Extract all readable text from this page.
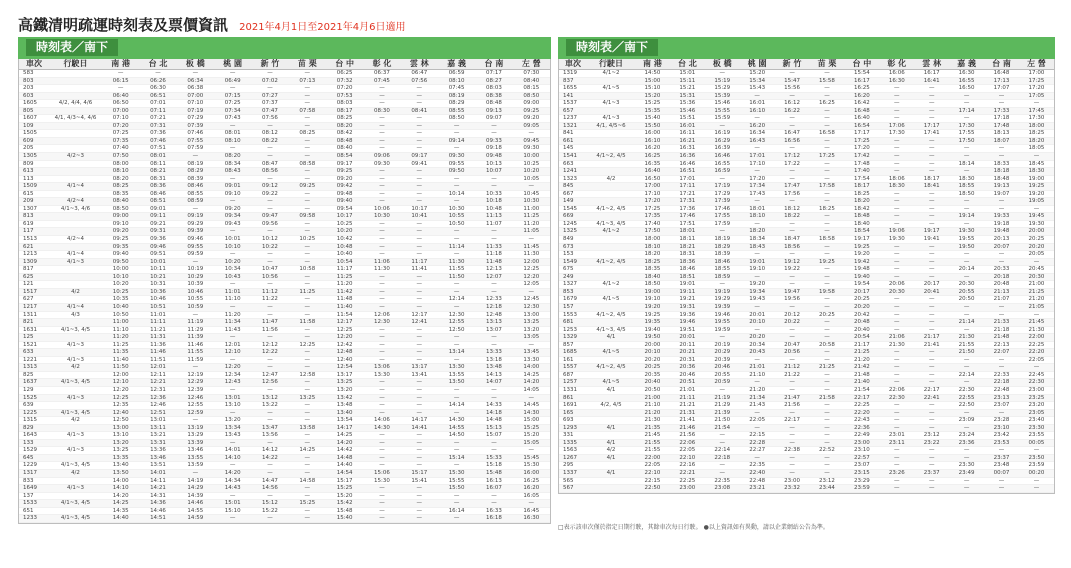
高鐵清明疏運時刻表及票價資訊 2021年4月1日至2021年4月6日適用
時刻表／南下
車次	行駛日	南 港	台 北	板 橋	桃 園	新 竹	苗 栗	台 中	彰 化	雲 林	嘉 義	台 南	左 營
583		—	—	—	—	—	—	06:25	06:37	06:47	06:59	07:17	07:30
803		06:15	06:26	06:34	06:49	07:02	07:13	07:32	07:45	07:56	08:10	08:27	08:40
203		—	06:30	06:38	—	—	—	07:20	—	—	07:45	08:03	08:15
603		06:40	06:51	07:00	07:15	07:27	—	07:53	—	—	08:19	08:38	08:50
1605	4/2, 4/4, 4/6	06:50	07:01	07:10	07:25	07:37	—	08:03	—	—	08:29	08:48	09:00
805		07:00	07:11	07:19	07:34	07:47	07:58	08:17	08:30	08:41	08:55	09:13	09:25
1607	4/1, 4/3~4, 4/6	07:10	07:21	07:29	07:43	07:56	—	08:25	—	—	08:50	09:07	09:20
109		07:20	07:31	07:39	—	—	—	08:20	—	—	—	—	09:05
1505		07:25	07:36	07:46	08:01	08:12	08:25	08:42	—	—	—	—	—
609		07:35	07:46	07:55	08:10	08:22	—	08:48	—	—	09:14	09:33	09:45
205		07:40	07:51	07:59	—	—	—	08:40	—	—	—	09:18	09:30
1305	4/2~3	07:50	08:01	—	08:20	—	—	08:54	09:06	09:17	09:30	09:48	10:00
809		08:00	08:11	08:19	08:34	08:47	08:58	09:17	09:30	09:41	09:55	10:13	10:25
613		08:10	08:21	08:29	08:43	08:56	—	09:25	—	—	09:50	10:07	10:20
113		08:20	08:31	08:39	—	—	—	09:20	—	—	—	—	10:05
1509	4/1~4	08:25	08:36	08:46	09:01	09:12	09:25	09:42	—	—	—	—	—
615		08:35	08:46	08:55	09:10	09:22	—	09:48	—	—	10:14	10:33	10:45
209	4/2~4	08:40	08:51	08:59	—	—	—	09:40	—	—	—	10:18	10:30
1307	4/1~3, 4/6	08:50	09:01	—	09:20	—	—	09:54	10:06	10:17	10:30	10:48	11:00
813		09:00	09:11	09:19	09:34	09:47	09:58	10:17	10:30	10:41	10:55	11:13	11:25
619		09:10	09:21	09:29	09:43	09:56	—	10:25	—	—	10:50	11:07	11:20
117		09:20	09:31	09:39	—	—	—	10:20	—	—	—	—	11:05
1513	4/2~4	09:25	09:36	09:46	10:01	10:12	10:25	10:42	—	—	—	—	—
621		09:35	09:46	09:55	10:10	10:22	—	10:48	—	—	11:14	11:33	11:45
1213	4/1~4	09:40	09:51	09:59	—	—	—	10:40	—	—	—	11:18	11:30
1309	4/1~3	09:50	10:01	—	10:20	—	—	10:54	11:06	11:17	11:30	11:48	12:00
817		10:00	10:11	10:19	10:34	10:47	10:58	11:17	11:30	11:41	11:55	12:13	12:25
625		10:10	10:21	10:29	10:43	10:56	—	11:25	—	—	11:50	12:07	12:20
121		10:20	10:31	10:39	—	—	—	11:20	—	—	—	—	12:05
1517	4/2	10:25	10:36	10:46	11:01	11:12	11:25	11:42	—	—	—	—	—
627		10:35	10:46	10:55	11:10	11:22	—	11:48	—	—	12:14	12:33	12:45
1217	4/1~4	10:40	10:51	10:59	—	—	—	11:40	—	—	—	12:18	12:30
1311	4/3	10:50	11:01	—	11:20	—	—	11:54	12:06	12:17	12:30	12:48	13:00
821		11:00	11:11	11:19	11:34	11:47	11:58	12:17	12:30	12:41	12:55	13:13	13:25
1631	4/1~3, 4/5	11:10	11:21	11:29	11:43	11:56	—	12:25	—	—	12:50	13:07	13:20
125		11:20	11:31	11:39	—	—	—	12:20	—	—	—	—	13:05
1521	4/1~3	11:25	11:36	11:46	12:01	12:12	12:25	12:42	—	—	—	—	—
633		11:35	11:46	11:55	12:10	12:22	—	12:48	—	—	13:14	13:33	13:45
1221	4/1~3	11:40	11:51	11:59	—	—	—	12:40	—	—	—	13:18	13:30
1313	4/2	11:50	12:01	—	12:20	—	—	12:54	13:06	13:17	13:30	13:48	14:00
825		12:00	12:11	12:19	12:34	12:47	12:58	13:17	13:30	13:41	13:55	14:13	14:25
1637	4/1~3, 4/5	12:10	12:21	12:29	12:43	12:56	—	13:25	—	—	13:50	14:07	14:20
129		12:20	12:31	12:39	—	—	—	13:20	—	—	—	—	14:05
1525	4/1~3	12:25	12:36	12:46	13:01	13:12	13:25	13:42	—	—	—	—	—
639		12:35	12:46	12:55	13:10	13:22	—	13:48	—	—	14:14	14:33	14:45
1225	4/1~3, 4/5	12:40	12:51	12:59	—	—	—	13:40	—	—	—	14:18	14:30
1315	4/2	12:50	13:01	—	13:20	—	—	13:54	14:06	14:17	14:30	14:48	15:00
829		13:00	13:11	13:19	13:34	13:47	13:58	14:17	14:30	14:41	14:55	15:13	15:25
1643	4/1~3	13:10	13:21	13:29	13:43	13:56	—	14:25	—	—	14:50	15:07	15:20
133		13:20	13:31	13:39	—	—	—	14:20	—	—	—	—	15:05
1529	4/1~3	13:25	13:36	13:46	14:01	14:12	14:25	14:42	—	—	—	—	—
645		13:35	13:46	13:55	14:10	14:22	—	14:48	—	—	15:14	15:33	15:45
1229	4/1~3, 4/5	13:40	13:51	13:59	—	—	—	14:40	—	—	—	15:18	15:30
1317	4/2	13:50	14:01	—	14:20	—	—	14:54	15:06	15:17	15:30	15:48	16:00
833		14:00	14:11	14:19	14:34	14:47	14:58	15:17	15:30	15:41	15:55	16:13	16:25
1649	4/1~3	14:10	14:21	14:29	14:43	14:56	—	15:25	—	—	15:50	16:07	16:20
137		14:20	14:31	14:39	—	—	—	15:20	—	—	—	—	16:05
1533	4/1~3, 4/5	14:25	14:36	14:46	15:01	15:12	15:25	15:42	—	—	—	—	—
651		14:35	14:46	14:55	15:10	15:22	—	15:48	—	—	16:14	16:33	16:45
1233	4/1~3, 4/5	14:40	14:51	14:59	—	—	—	15:40	—	—	—	16:18	16:30
時刻表／南下
車次	行駛日	南 港	台 北	板 橋	桃 園	新 竹	苗 栗	台 中	彰 化	雲 林	嘉 義	台 南	左 營
1319	4/1~2	14:50	15:01	—	15:20	—	—	15:54	16:06	16:17	16:30	16:48	17:00
837		15:00	15:11	15:19	15:34	15:47	15:58	16:17	16:30	16:41	16:55	17:13	17:25
1655	4/1~5	15:10	15:21	15:29	15:43	15:56	—	16:25	—	—	16:50	17:07	17:20
141		15:20	15:31	15:39	—	—	—	16:20	—	—	—	—	17:05
1537	4/1~3	15:25	15:36	15:46	16:01	16:12	16:25	16:42	—	—	—	—	—
657		15:35	15:46	15:55	16:10	16:22	—	16:48	—	—	17:14	17:33	17:45
1237	4/1~3	15:40	15:51	15:59	—	—	—	16:40	—	—	—	17:18	17:30
1321	4/1, 4/5~6	15:50	16:01	—	16:20	—	—	16:54	17:06	17:17	17:30	17:48	18:00
841		16:00	16:11	16:19	16:34	16:47	16:58	17:17	17:30	17:41	17:55	18:13	18:25
661		16:10	16:21	16:29	16:43	16:56	—	17:25	—	—	17:50	18:07	18:20
145		16:20	16:31	16:39	—	—	—	17:20	—	—	—	—	18:05
1541	4/1~2, 4/5	16:25	16:36	16:46	17:01	17:12	17:25	17:42	—	—	—	—	—
663		16:35	16:46	16:55	17:10	17:22	—	17:48	—	—	18:14	18:33	18:45
1241		16:40	16:51	16:59	—	—	—	17:40	—	—	—	18:18	18:30
1323	4/2	16:50	17:01	—	17:20	—	—	17:54	18:06	18:17	18:30	18:48	19:00
845		17:00	17:11	17:19	17:34	17:47	17:58	18:17	18:30	18:41	18:55	19:13	19:25
667		17:10	17:21	17:29	17:43	17:56	—	18:25	—	—	18:50	19:07	19:20
149		17:20	17:31	17:39	—	—	—	18:20	—	—	—	—	19:05
1545	4/1~2, 4/5	17:25	17:36	17:46	18:01	18:12	18:25	18:42	—	—	—	—	—
669		17:35	17:46	17:55	18:10	18:22	—	18:48	—	—	19:14	19:33	19:45
1245	4/1~3, 4/5	17:40	17:51	17:59	—	—	—	18:40	—	—	—	19:18	19:30
1325	4/1~2	17:50	18:01	—	18:20	—	—	18:54	19:06	19:17	19:30	19:48	20:00
849		18:00	18:11	18:19	18:34	18:47	18:58	19:17	19:30	19:41	19:55	20:13	20:25
673		18:10	18:21	18:29	18:43	18:56	—	19:25	—	—	19:50	20:07	20:20
153		18:20	18:31	18:39	—	—	—	19:20	—	—	—	—	20:05
1549	4/1~2, 4/5	18:25	18:36	18:46	19:01	19:12	19:25	19:42	—	—	—	—	—
675		18:35	18:46	18:55	19:10	19:22	—	19:48	—	—	20:14	20:33	20:45
249		18:40	18:51	18:59	—	—	—	19:40	—	—	—	20:18	20:30
1327	4/1~2	18:50	19:01	—	19:20	—	—	19:54	20:06	20:17	20:30	20:48	21:00
853		19:00	19:11	19:19	19:34	19:47	19:58	20:17	20:30	20:41	20:55	21:13	21:25
1679	4/1~5	19:10	19:21	19:29	19:43	19:56	—	20:25	—	—	20:50	21:07	21:20
157		19:20	19:31	19:39	—	—	—	20:20	—	—	—	—	21:05
1553	4/1~2, 4/5	19:25	19:36	19:46	20:01	20:12	20:25	20:42	—	—	—	—	—
681		19:35	19:46	19:55	20:10	20:22	—	20:48	—	—	21:14	21:33	21:45
1253	4/1~3, 4/5	19:40	19:51	19:59	—	—	—	20:40	—	—	—	21:18	21:30
1329	4/1	19:50	20:01	—	20:20	—	—	20:54	21:06	21:17	21:30	21:48	22:00
857		20:00	20:11	20:19	20:34	20:47	20:58	21:17	21:30	21:41	21:55	22:13	22:25
1685	4/1~5	20:10	20:21	20:29	20:43	20:56	—	21:25	—	—	21:50	22:07	22:20
161		20:20	20:31	20:39	—	—	—	21:20	—	—	—	—	22:05
1557	4/1~2, 4/5	20:25	20:36	20:46	21:01	21:12	21:25	21:42	—	—	—	—	—
687		20:35	20:46	20:55	21:10	21:22	—	21:48	—	—	22:14	22:33	22:45
1257	4/1~5	20:40	20:51	20:59	—	—	—	21:40	—	—	—	22:18	22:30
1331	4/1	20:50	21:01	—	21:20	—	—	21:54	22:06	22:17	22:30	22:48	23:00
861		21:00	21:11	21:19	21:34	21:47	21:58	22:17	22:30	22:41	22:55	23:13	23:25
1691	4/2, 4/5	21:10	21:21	21:29	21:43	21:56	—	22:25	—	—	22:50	23:07	23:20
165		21:20	21:31	21:39	—	—	—	22:20	—	—	—	—	23:05
693		21:30	21:41	21:50	22:05	22:17	—	22:43	—	—	23:09	23:28	23:40
1293	4/1	21:35	21:46	21:54	—	—	—	22:36	—	—	—	23:10	23:30
331		21:45	21:56	—	22:15	—	—	22:49	23:01	23:12	23:24	23:42	23:55
1335	4/1	21:55	22:06	—	22:28	—	—	23:00	23:11	23:22	23:36	23:53	00:05
1563	4/2	21:55	22:05	22:14	22:27	22:38	22:52	23:10	—	—	—	—	—
1267	4/1	22:00	22:10	22:18	—	—	—	22:57	—	—	—	23:37	23:50
295		22:05	22:16	—	22:35	—	—	23:07	—	—	23:30	23:48	23:59
1337	4/1	22:10	22:21	—	22:40	—	—	23:15	23:26	23:37	23:49	00:07	00:20
565		22:15	22:25	22:35	22:48	23:00	23:12	23:29	—	—	—	—	—
567		22:50	23:00	23:08	23:21	23:32	23:44	23:59	—	—	—	—	—
□表示該車次僅於指定日期行駛，其餘車次每日行駛。 ●以上資訊如有異動，請以企業網站公告為準。
